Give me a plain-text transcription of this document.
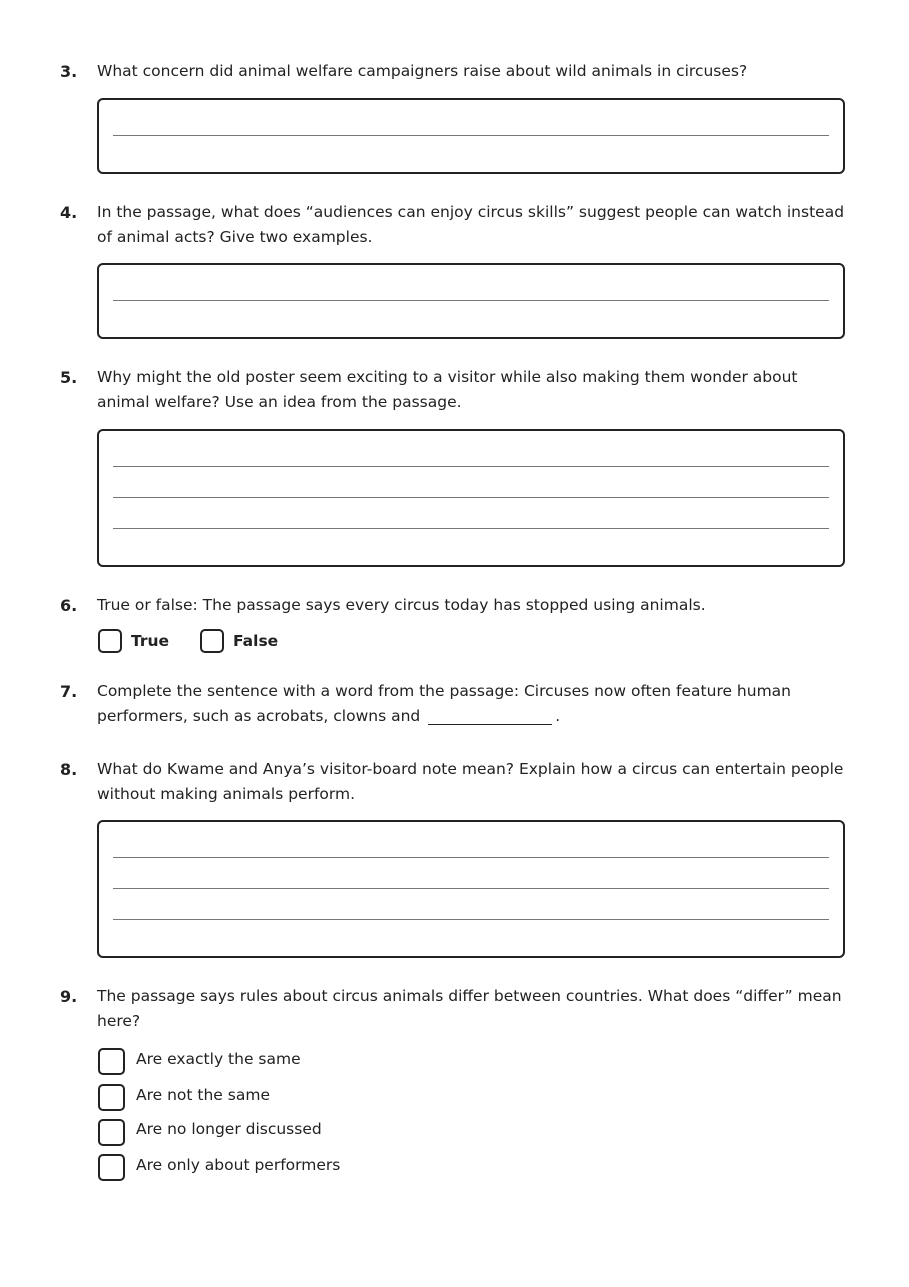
3. What concern did animal welfare campaigners raise about wild animals in circuses?
4. In the passage, what does “audiences can enjoy circus skills” suggest people can watch instead of animal acts? Give two examples.
5. Why might the old poster seem exciting to a visitor while also making them wonder about animal welfare? Use an idea from the passage.
6. True or false: The passage says every circus today has stopped using animals.
True	False
7. Complete the sentence with a word from the passage: Circuses now often feature human performers, such as acrobats, clowns and	.
8. What do Kwame and Anya’s visitor-board note mean? Explain how a circus can entertain people without making animals perform.
9. The passage says rules about circus animals differ between countries. What does “differ” mean here?
Are exactly the same
Are not the same
Are no longer discussed
Are only about performers
